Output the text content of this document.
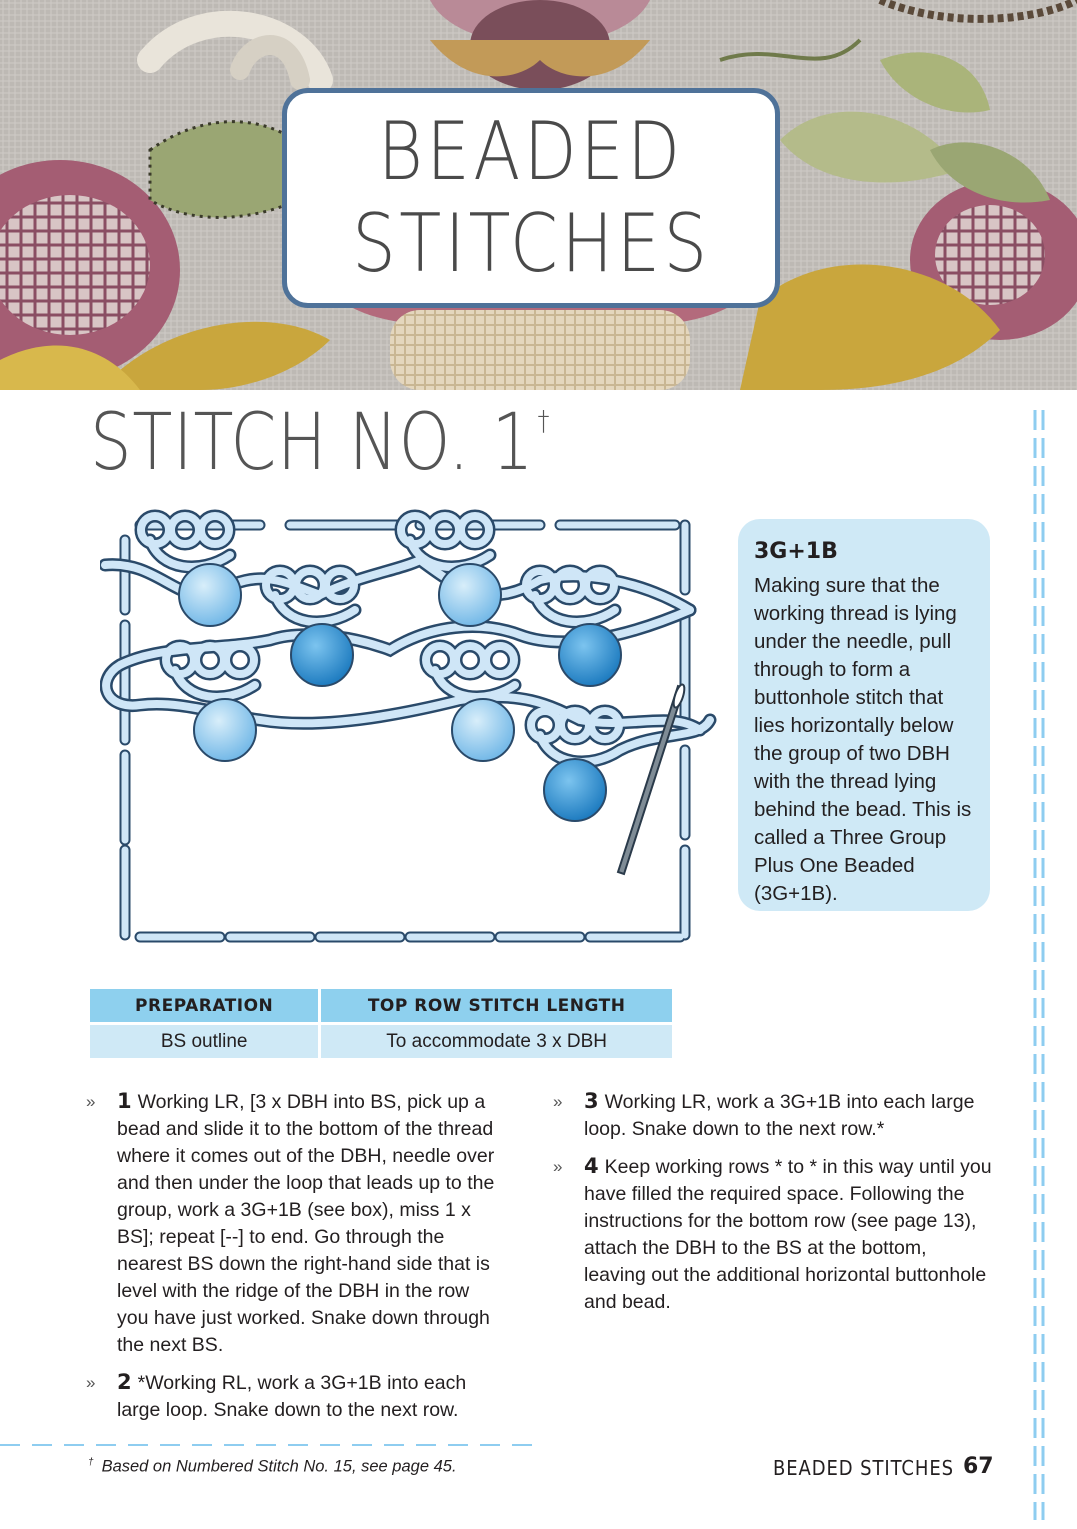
BEADED
STITCHES
STITCH NO. 1 †
3G+1B
Making sure that the working thread is lying under the needle, pull through to form a buttonhole stitch that lies horizontally below the group of two DBH with the thread lying behind the bead. This is called a Three Group Plus One Beaded (3G+1B).
PREPARATION	TOP ROW STITCH LENGTH
BS outline	To accommodate 3 x DBH
» 1 Working LR, [3 x DBH into BS, pick up a bead and slide it to the bottom of the thread where it comes out of the DBH, needle over and then under the loop that leads up to the group, work a 3G+1B (see box), miss 1 x BS]; repeat [--] to end. Go through the nearest BS down the right-hand side that is level with the ridge of the DBH in the row you have just worked. Snake down through the next BS.
» 2 *Working RL, work a 3G+1B into each large loop. Snake down to the next row.
» 3 Working LR, work a 3G+1B into each large loop. Snake down to the next row.*
» 4 Keep working rows * to * in this way until you have filled the required space. Following the instructions for the bottom row (see page 13), attach the DBH to the BS at the bottom, leaving out the additional horizontal buttonhole and bead.
† Based on Numbered Stitch No. 15, see page 45.	BEADED STITCHES 67
